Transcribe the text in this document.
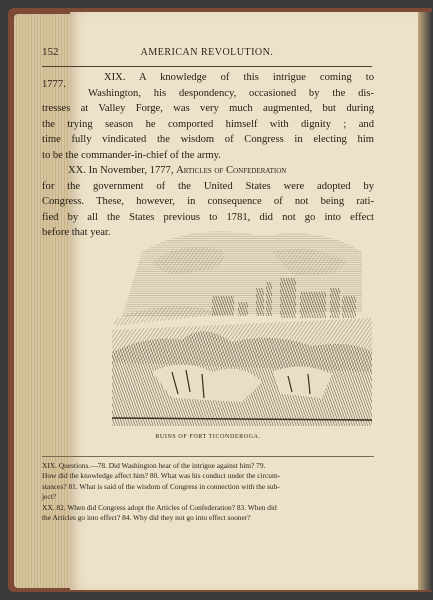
152	AMERICAN REVOLUTION.
1777.
XIX. A knowledge of this intrigue coming to
Washington, his despondency, occasioned by the dis-
tresses at Valley Forge, was very much augmented, but during
the trying season he comported himself with dignity ; and
time fully vindicated the wisdom of Congress in electing him
to be the commander-in-chief of the army.
XX. In November, 1777, Articles of Confederation
for the government of the United States were adopted by
Congress. These, however, in consequence of not being rati-
fied by all the States previous to 1781, did not go into effect
before that year.
RUINS OF FORT TICONDEROGA.
XIX. Questions.—78. Did Washington hear of the intrigue against him? 79.
How did the knowledge affect him? 80. What was his conduct under the circum-
stances? 81. What is said of the wisdom of Congress in connection with the sub-
ject?
XX. 82. When did Congress adopt the Articles of Confederation? 83. When did
the Articles go into effect? 84. Why did they not go into effect sooner?
